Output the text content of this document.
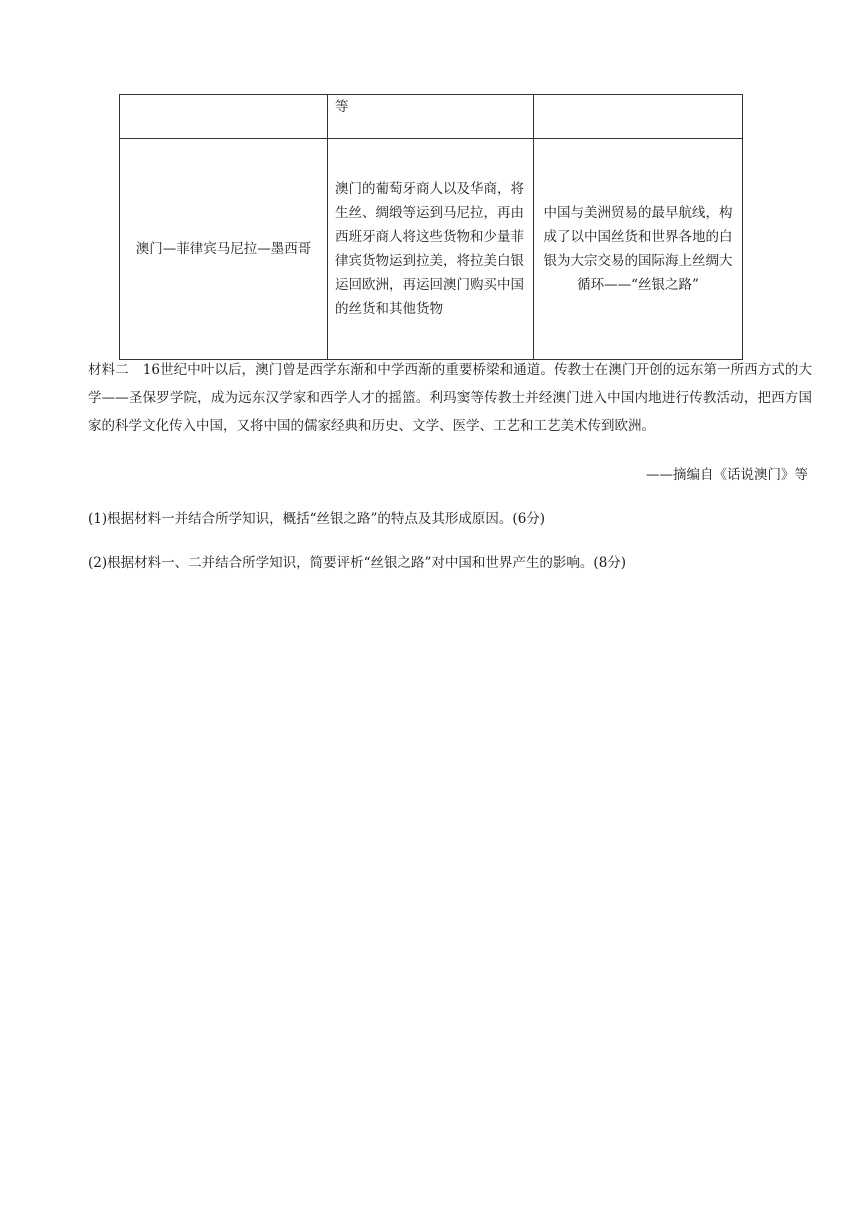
	等	
澳门—菲律宾马尼拉—墨西哥	澳门的葡萄牙商人以及华商，将生丝、绸缎等运到马尼拉，再由西班牙商人将这些货物和少量菲律宾货物运到拉美，将拉美白银运回欧洲，再运回澳门购买中国的丝货和其他货物	中国与美洲贸易的最早航线，构成了以中国丝货和世界各地的白银为大宗交易的国际海上丝绸大循环——“丝银之路”
材料二 16世纪中叶以后，澳门曾是西学东渐和中学西渐的重要桥梁和通道。传教士在澳门开创的远东第一所西方式的大学——圣保罗学院，成为远东汉学家和西学人才的摇篮。利玛窦等传教士并经澳门进入中国内地进行传教活动，把西方国家的科学文化传入中国，又将中国的儒家经典和历史、文学、医学、工艺和工艺美术传到欧洲。
——摘编自《话说澳门》等
(1)根据材料一并结合所学知识，概括“丝银之路”的特点及其形成原因。(6分)
(2)根据材料一、二并结合所学知识，简要评析“丝银之路”对中国和世界产生的影响。(8分)
